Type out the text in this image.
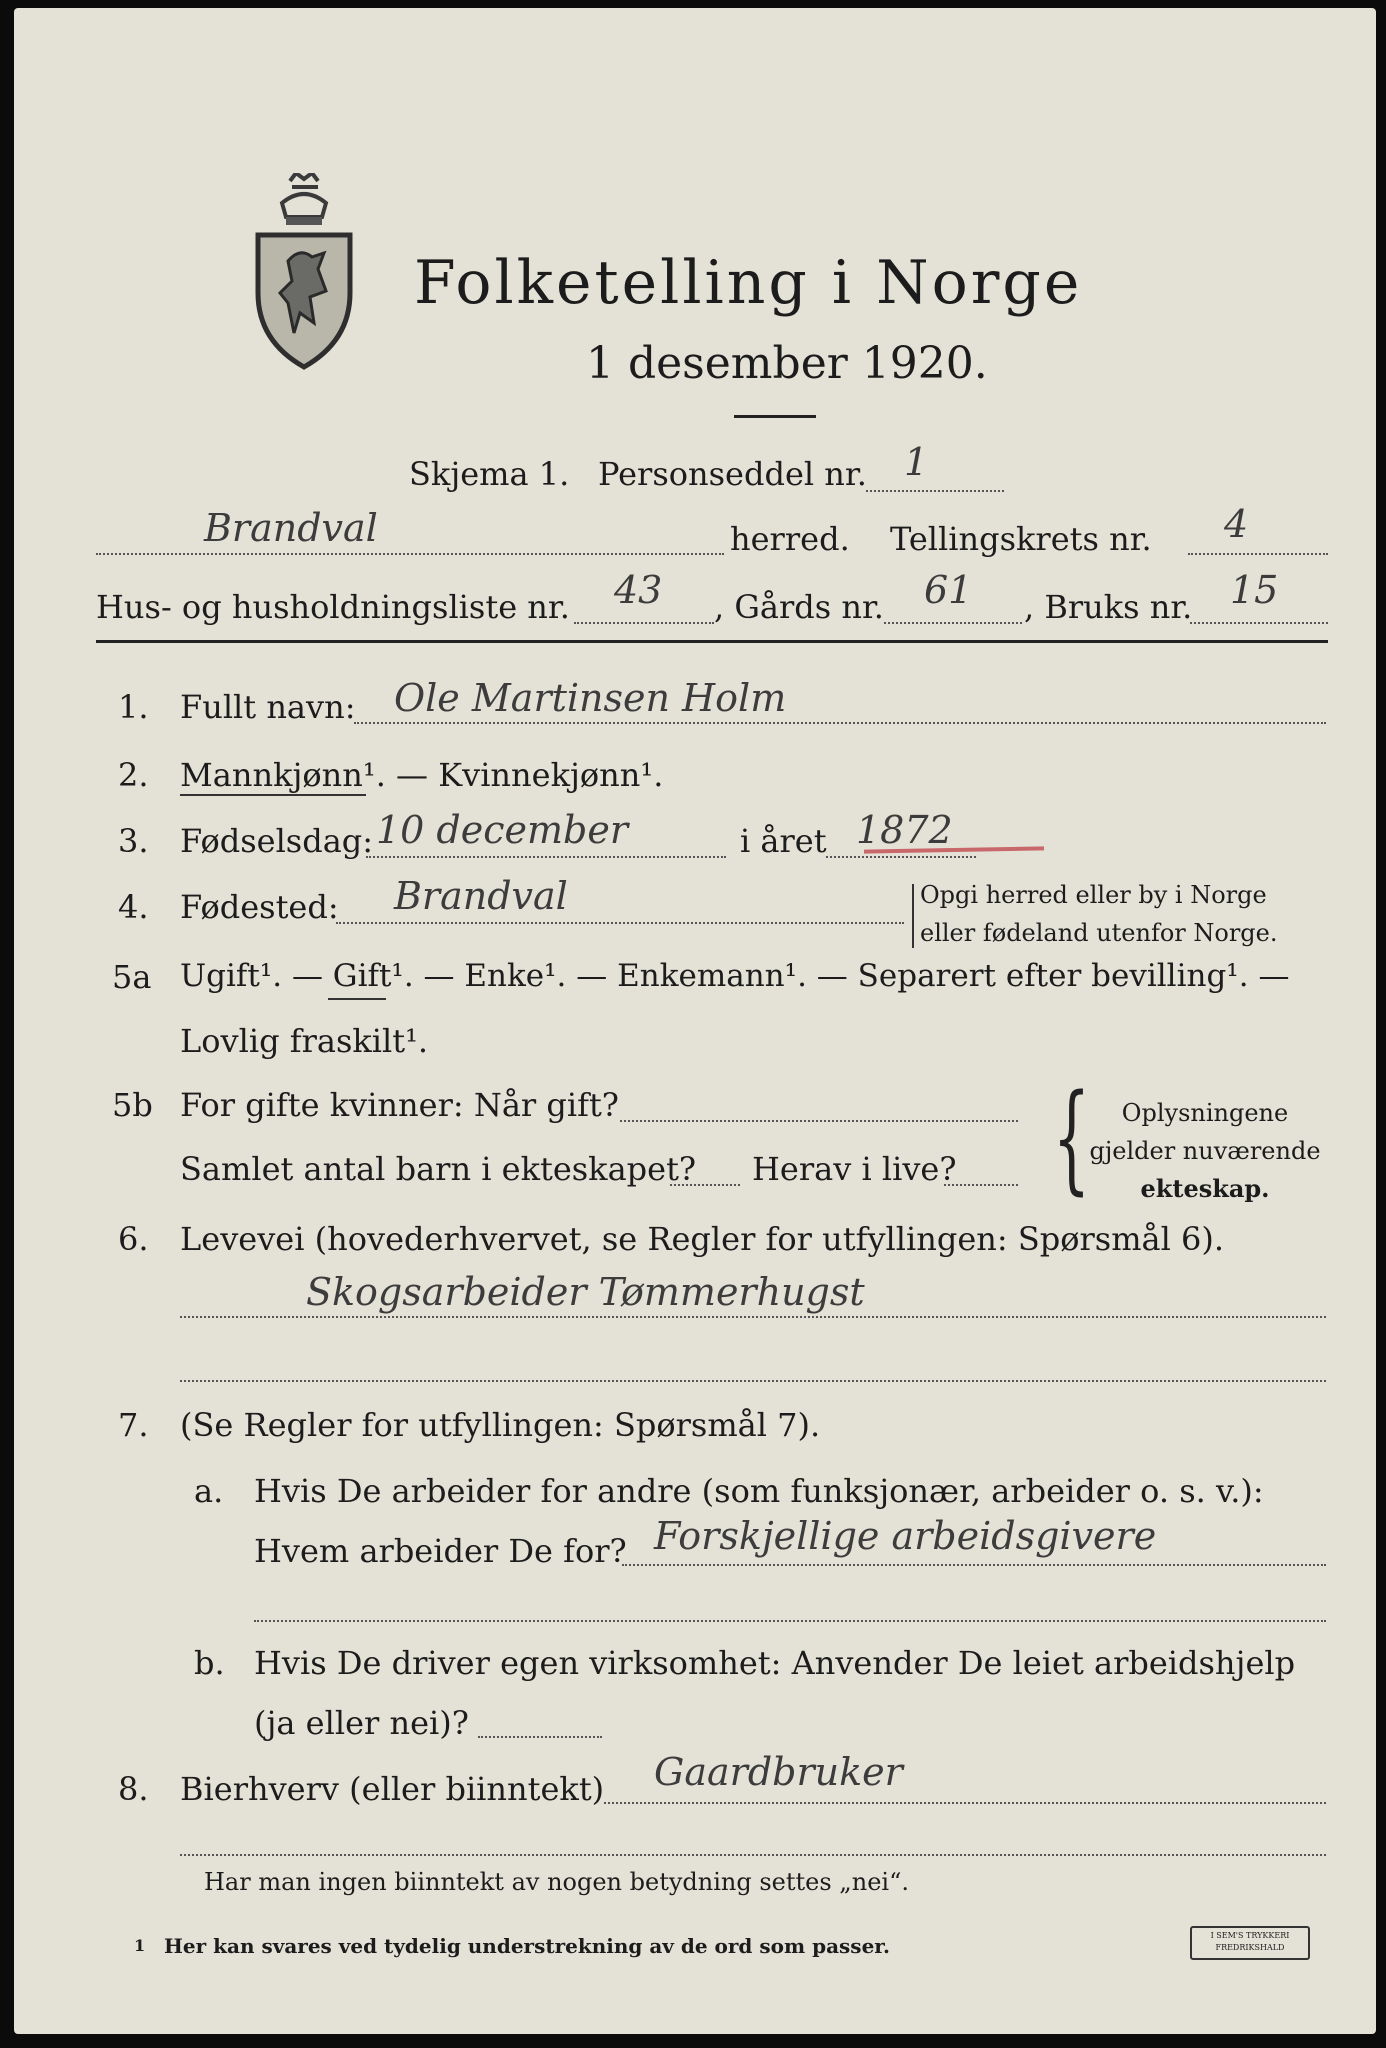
Folketelling i Norge
1 desember 1920.
Skjema 1. Personseddel nr. 1
Brandval	herred. Tellingskrets nr. 4
Hus- og husholdningsliste nr. 43 , Gårds nr. 61 , Bruks nr. 15
1. Fullt navn: Ole Martinsen Holm
2. Mannkjønn¹. — Kvinnekjønn¹.
3. Fødselsdag: 10 december	i året 1872
4. Fødested: Brandval	Opgi herred eller by i Norge
eller fødeland utenfor Norge.
5a Ugift¹. — Gift¹. — Enke¹. — Enkemann¹. — Separert efter bevilling¹. —
Lovlig fraskilt¹.
5b For gifte kvinner: Når gift?
Samlet antal barn i ekteskapet? Herav i live? {	Oplysningene
gjelder nuværende
ekteskap.
6. Levevei (hovederhvervet, se Regler for utfyllingen: Spørsmål 6).
Skogsarbeider Tømmerhugst
7. (Se Regler for utfyllingen: Spørsmål 7).
a. Hvis De arbeider for andre (som funksjonær, arbeider o. s. v.):
Hvem arbeider De for? Forskjellige arbeidsgivere
b. Hvis De driver egen virksomhet: Anvender De leiet arbeidshjelp
(ja eller nei)?
8. Bierhverv (eller biinntekt) Gaardbruker
Har man ingen biinntekt av nogen betydning settes „nei“.
1 Her kan svares ved tydelig understrekning av de ord som passer.	I SEM'S TRYKKERI FREDRIKSHALD
